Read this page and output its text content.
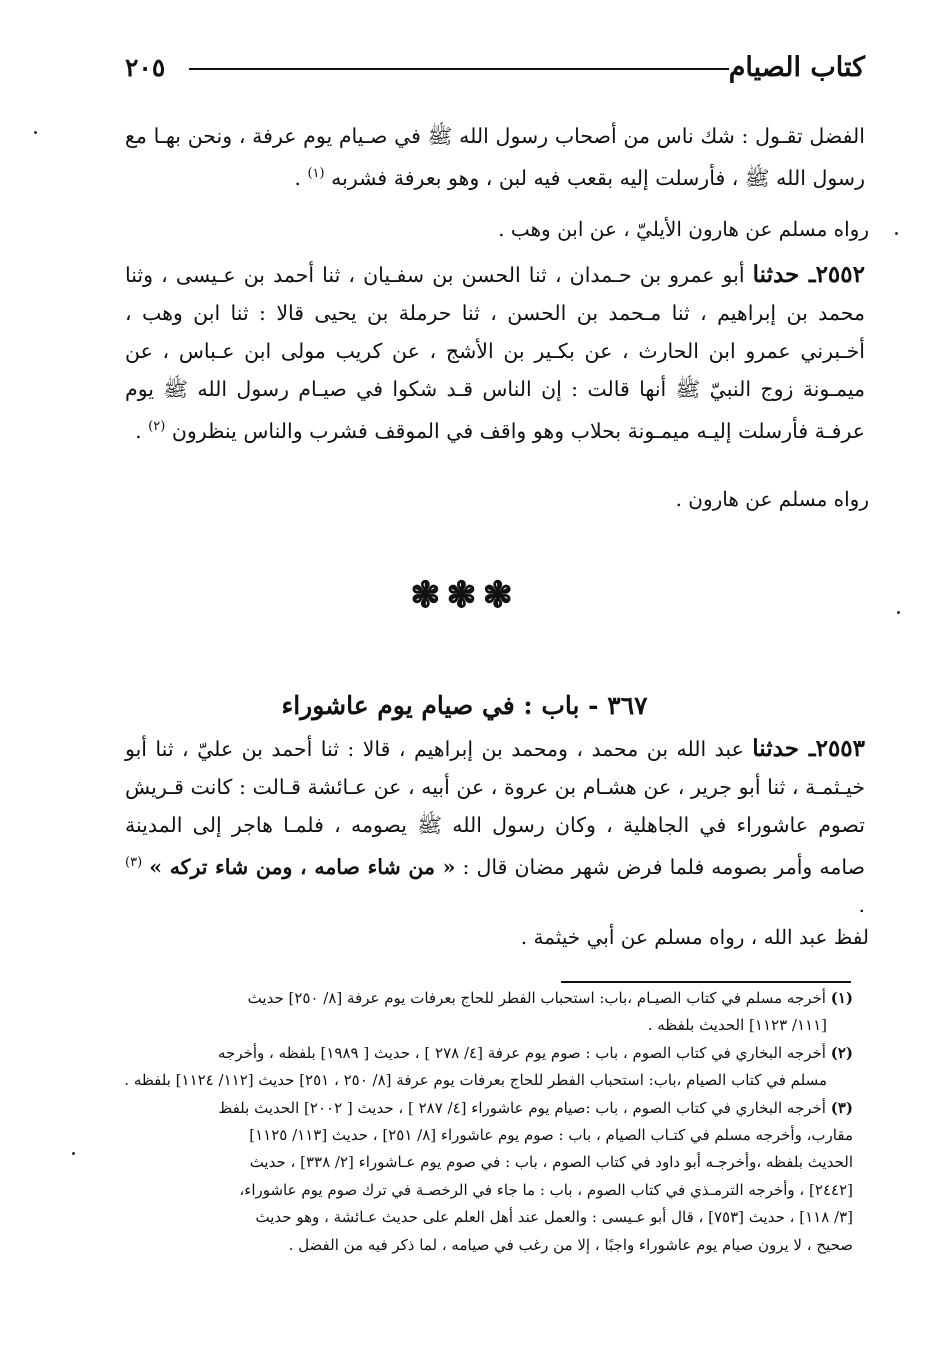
كتاب الصيام
٢٠٥
الفضل تقـول : شك ناس من أصحاب رسول الله ﷺ في صـيام يوم عرفة ، ونحن بهـا مع رسول الله ﷺ ، فأرسلت إليه بقعب فيه لبن ، وهو بعرفة فشربه $^{(١)}$ .
رواه مسلم عن هارون الأيليّ ، عن ابن وهب .
٢٥٥٢ـ حدثنا أبو عمرو بن حـمدان ، ثنا الحسن بن سفـيان ، ثنا أحمد بن عـيسى ، وثنا محمد بن إبراهيم ، ثنا مـحمد بن الحسن ، ثنا حرملة بن يحيى قالا : ثنا ابن وهب ، أخـبرني عمرو ابن الحارث ، عن بكـير بن الأشج ، عن كريب مولى ابن عـباس ، عن ميمـونة زوج النبيّ ﷺ أنها قالت : إن الناس قـد شكوا في صيـام رسول الله ﷺ يوم عرفـة فأرسلت إليـه ميمـونة بحلاب وهو واقف في الموقف فشرب والناس ينظرون $^{(٢)}$ .
رواه مسلم عن هارون .
❃❃❃
٣٦٧ - باب : في صيام يوم عاشوراء
٢٥٥٣ـ حدثنا عبد الله بن محمد ، ومحمد بن إبراهيم ، قالا : ثنا أحمد بن عليّ ، ثنا أبو خيـثمـة ، ثنا أبو جرير ، عن هشـام بن عروة ، عن أبيه ، عن عـائشة قـالت : كانت قـريش تصوم عاشوراء في الجاهلية ، وكان رسول الله ﷺ يصومه ، فلمـا هاجر إلى المدينة صامه وأمر بصومه فلما فرض شهر مضان قال : « من شاء صامه ، ومن شاء تركه » $^{(٣)}$ .
لفظ عبد الله ، رواه مسلم عن أبي خيثمة .
(١) أخرجه مسلم في كتاب الصيـام ،باب: استحباب الفطر للحاج بعرفات يوم عرفة [٨/ ٢٥٠] حديث
[١١١/ ١١٢٣] الحديث بلفظه .
(٢) أخرجه البخاري في كتاب الصوم ، باب : صوم يوم عرفة [٤/ ٢٧٨ ] ، حديث [ ١٩٨٩] بلفظه ، وأخرجه
مسلم في كتاب الصيام ،باب: استحباب الفطر للحاج بعرفات يوم عرفة [٨/ ٢٥٠ ، ٢٥١] حديث [١١٢/ ١١٢٤] بلفظه .
(٣) أخرجه البخاري في كتاب الصوم ، باب :صيام يوم عاشوراء [٤/ ٢٨٧ ] ، حديث [ ٢٠٠٢] الحديث بلفظ
مقارب، وأخرجه مسلم في كتـاب الصيام ، باب : صوم يوم عاشوراء [٨/ ٢٥١] ، حديث [١١٣/ ١١٢٥]
الحديث بلفظه ،وأخرجـه أبو داود في كتاب الصوم ، باب : في صوم يوم عـاشوراء [٢/ ٣٣٨] ، حديث
[٢٤٤٢] ، وأخرجه الترمـذي في كتاب الصوم ، باب : ما جاء في الرخصـة في ترك صوم يوم عاشوراء،
[٣/ ١١٨] ، حديث [٧٥٣] ، قال أبو عـيسى : والعمل عند أهل العلم على حديث عـائشة ، وهو حديث
صحيح ، لا يرون صيام يوم عاشوراء واجبًا ، إلا من رغب في صيامه ، لما ذكر فيه من الفضل .
